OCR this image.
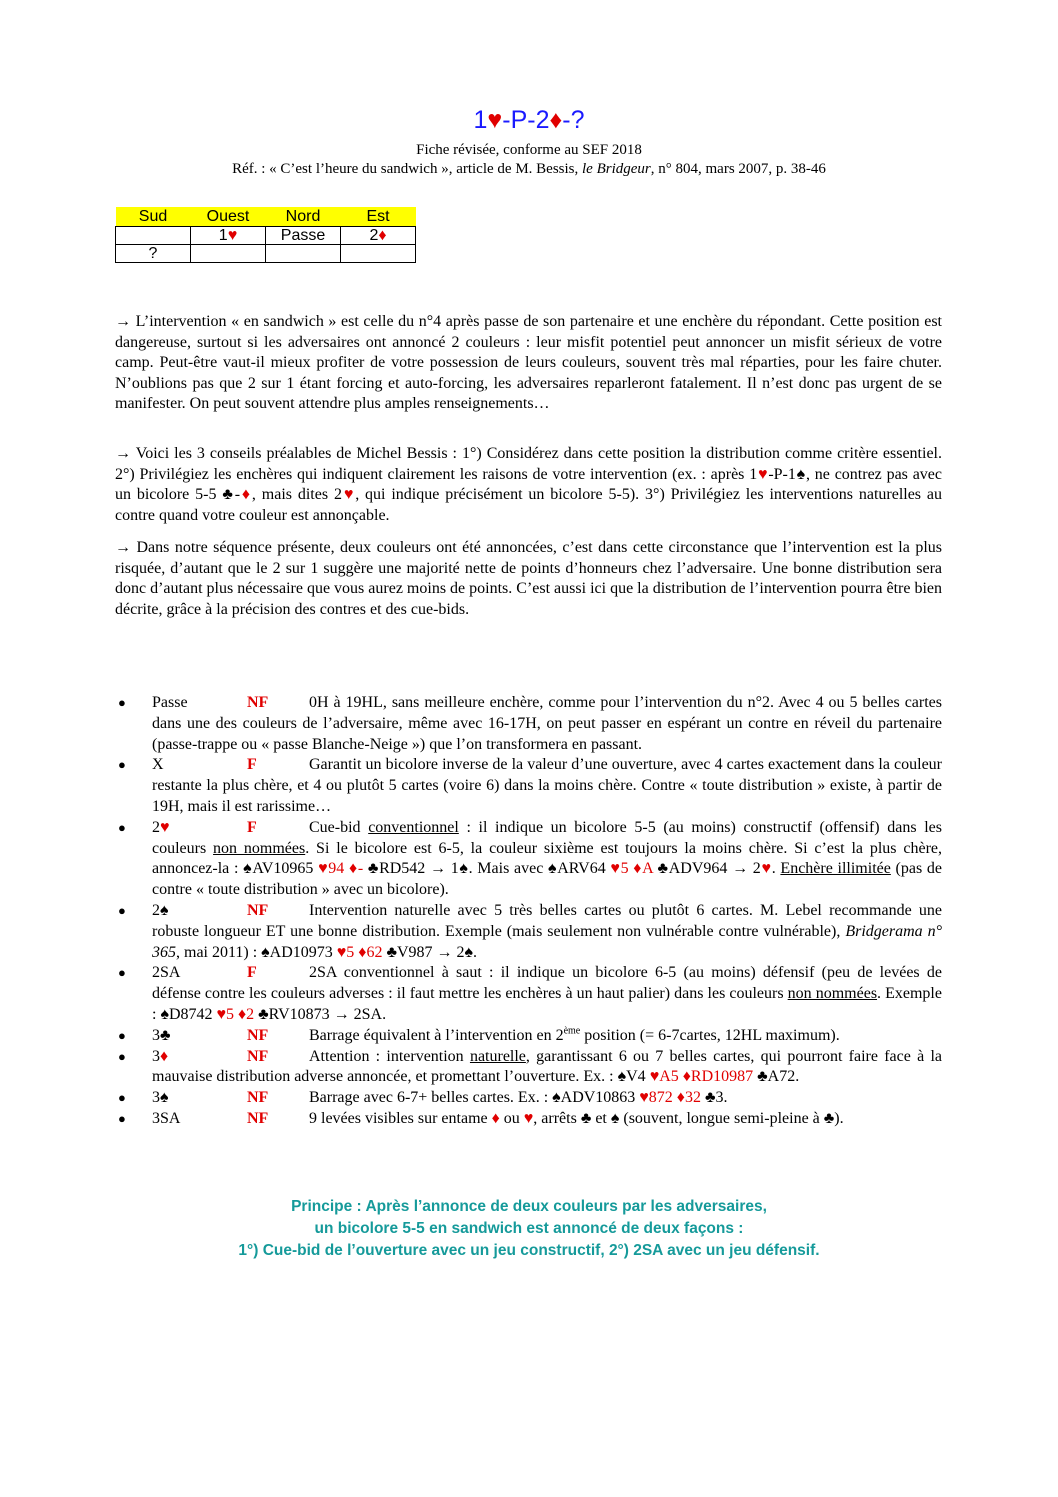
1♥-P-2♦-?
Fiche révisée, conforme au SEF 2018
Réf. : « C’est l’heure du sandwich », article de M. Bessis, le Bridgeur, n° 804, mars 2007, p. 38-46
Sud	Ouest	Nord	Est
	1♥	Passe	2♦
?			

→ L’intervention « en sandwich » est celle du n°4 après passe de son partenaire et une enchère du répondant. Cette position est dangereuse, surtout si les adversaires ont annoncé 2 couleurs : leur misfit potentiel peut annoncer un misfit sérieux de votre camp. Peut-être vaut-il mieux profiter de votre possession de leurs couleurs, souvent très mal réparties, pour les faire chuter. N’oublions pas que 2 sur 1 étant forcing et auto-forcing, les adversaires reparleront fatalement. Il n’est donc pas urgent de se manifester. On peut souvent attendre plus amples renseignements…

→ Voici les 3 conseils préalables de Michel Bessis : 1°) Considérez dans cette position la distribution comme critère essentiel. 2°) Privilégiez les enchères qui indiquent clairement les raisons de votre intervention (ex. : après 1♥-P-1♠, ne contrez pas avec un bicolore 5-5 ♣-♦, mais dites 2♥, qui indique précisément un bicolore 5-5). 3°) Privilégiez les interventions naturelles au contre quand votre couleur est annonçable.

→ Dans notre séquence présente, deux couleurs ont été annoncées, c’est dans cette circonstance que l’intervention est la plus risquée, d’autant que le 2 sur 1 suggère une majorité nette de points d’honneurs chez l’adversaire. Une bonne distribution sera donc d’autant plus nécessaire que vous aurez moins de points. C’est aussi ici que la distribution de l’intervention pourra être bien décrite, grâce à la précision des contres et des cue-bids.

● Passe	NF	0H à 19HL, sans meilleure enchère, comme pour l’intervention du n°2. Avec 4 ou 5 belles cartes dans une des couleurs de l’adversaire, même avec 16-17H, on peut passer en espérant un contre en réveil du partenaire (passe-trappe ou « passe Blanche-Neige ») que l’on transformera en passant.
● X	F	Garantit un bicolore inverse de la valeur d’une ouverture, avec 4 cartes exactement dans la couleur restante la plus chère, et 4 ou plutôt 5 cartes (voire 6) dans la moins chère. Contre « toute distribution » existe, à partir de 19H, mais il est rarissime…
● 2♥	F	Cue-bid conventionnel : il indique un bicolore 5-5 (au moins) constructif (offensif) dans les couleurs non nommées. Si le bicolore est 6-5, la couleur sixième est toujours la moins chère. Si c’est la plus chère, annoncez-la : ♠AV10965 ♥94 ♦- ♣RD542 → 1♠. Mais avec ♠ARV64 ♥5 ♦A ♣ADV964 → 2♥. Enchère illimitée (pas de contre « toute distribution » avec un bicolore).
● 2♠	NF	Intervention naturelle avec 5 très belles cartes ou plutôt 6 cartes. M. Lebel recommande une robuste longueur ET une bonne distribution. Exemple (mais seulement non vulnérable contre vulnérable), Bridgerama n° 365, mai 2011) : ♠AD10973 ♥5 ♦62 ♣V987 → 2♠.
● 2SA	F	2SA conventionnel à saut : il indique un bicolore 6-5 (au moins) défensif (peu de levées de défense contre les couleurs adverses : il faut mettre les enchères à un haut palier) dans les couleurs non nommées. Exemple : ♠D8742 ♥5 ♦2 ♣RV10873 → 2SA.
● 3♣	NF	Barrage équivalent à l’intervention en 2ème position (= 6-7cartes, 12HL maximum).
● 3♦	NF	Attention : intervention naturelle, garantissant 6 ou 7 belles cartes, qui pourront faire face à la mauvaise distribution adverse annoncée, et promettant l’ouverture. Ex. : ♠V4 ♥A5 ♦RD10987 ♣A72.
● 3♠	NF	Barrage avec 6-7+ belles cartes. Ex. : ♠ADV10863 ♥872 ♦32 ♣3.
● 3SA	NF	9 levées visibles sur entame ♦ ou ♥, arrêts ♣ et ♠ (souvent, longue semi-pleine à ♣).
Principe : Après l’annonce de deux couleurs par les adversaires,
un bicolore 5-5 en sandwich est annoncé de deux façons :
1°) Cue-bid de l’ouverture avec un jeu constructif, 2°) 2SA avec un jeu défensif.
